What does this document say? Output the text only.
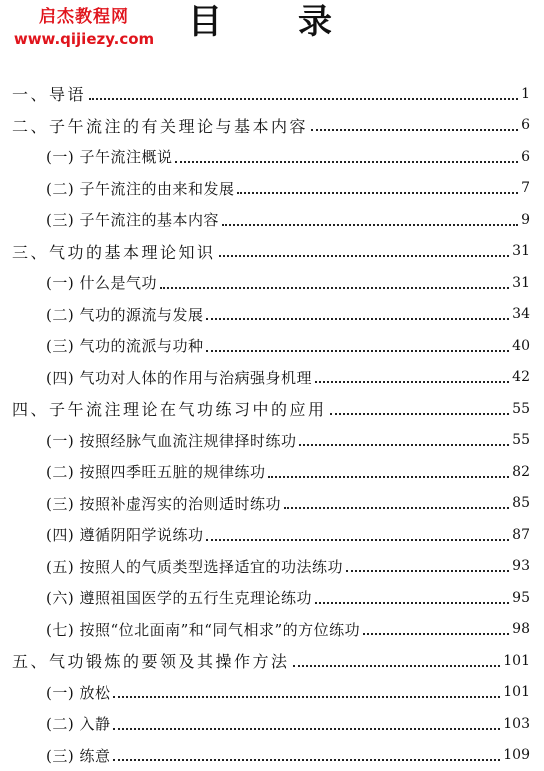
启杰教程网
www.qijiezy.com 目 录
一、导语	1
二、子午流注的有关理论与基本内容	6
(一) 子午流注概说	6
(二) 子午流注的由来和发展	7
(三) 子午流注的基本内容	9
三、气功的基本理论知识	31
(一) 什么是气功	31
(二) 气功的源流与发展	34
(三) 气功的流派与功种	40
(四) 气功对人体的作用与治病强身机理	42
四、子午流注理论在气功练习中的应用	55
(一) 按照经脉气血流注规律择时练功	55
(二) 按照四季旺五脏的规律练功	82
(三) 按照补虚泻实的治则适时练功	85
(四) 遵循阴阳学说练功	87
(五) 按照人的气质类型选择适宜的功法练功	93
(六) 遵照祖国医学的五行生克理论练功	95
(七) 按照“位北面南”和“同气相求”的方位练功	98
五、气功锻炼的要领及其操作方法	101
(一) 放松	101
(二) 入静	103
(三) 练意	109
